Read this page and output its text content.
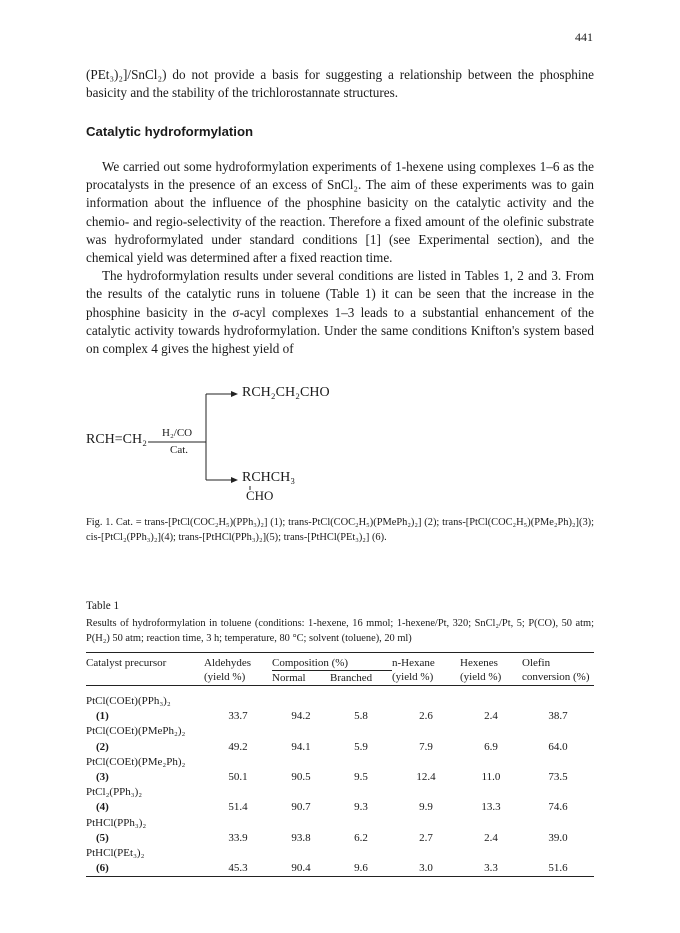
441

(PEt₃)₂]/SnCl₂) do not provide a basis for suggesting a relationship between the phosphine basicity and the stability of the trichlorostannate structures.

Catalytic hydroformylation

We carried out some hydroformylation experiments of 1-hexene using complexes 1–6 as the procatalysts in the presence of an excess of SnCl₂. The aim of these experiments was to gain information about the influence of the phosphine basicity on the catalytic activity and the chemio- and regio-selectivity of the reaction. Therefore a fixed amount of the olefinic substrate was hydroformylated under standard conditions [1] (see Experimental section), and the chemical yield was determined after a fixed reaction time.

The hydroformylation results under several conditions are listed in Tables 1, 2 and 3. From the results of the catalytic runs in toluene (Table 1) it can be seen that the increase in the phosphine basicity in the σ-acyl complexes 1–3 leads to a substantial enhancement of the catalytic activity towards hydroformylation. Under the same conditions Knifton's system based on complex 4 gives the highest yield of

RCH=CH₂ H₂/CO
Cat.
RCH₂CH₂CHO
RCHCH₃
CHO
Fig. 1. Cat. = trans-[PtCl(COC₂H₅)(PPh₃)₂] (1); trans-PtCl(COC₂H₅)(PMePh₂)₂] (2); trans-[PtCl(COC₂H₅)(PMe₂Ph)₂](3); cis-[PtCl₂(PPh₃)₂](4); trans-[PtHCl(PPh₃)₂](5); trans-[PtHCl(PEt₃)₂] (6).
Table 1
Results of hydroformylation in toluene (conditions: 1-hexene, 16 mmol; 1-hexene/Pt, 320; SnCl₂/Pt, 5; P(CO), 50 atm; P(H₂) 50 atm; reaction time, 3 h; temperature, 80 °C; solvent (toluene), 20 ml)
Catalyst precursor	Aldehydes (yield %)	Composition (%)		n-Hexane (yield %)	Hexenes (yield %)	Olefin conversion (%)
		Normal	Branched			

PtCl(COEt)(PPh₃)₂						
(1)	33.7	94.2	5.8	2.6	2.4	38.7
PtCl(COEt)(PMePh₂)₂						
(2)	49.2	94.1	5.9	7.9	6.9	64.0
PtCl(COEt)(PMe₂Ph)₂						
(3)	50.1	90.5	9.5	12.4	11.0	73.5
PtCl₂(PPh₃)₂						
(4)	51.4	90.7	9.3	9.9	13.3	74.6
PtHCl(PPh₃)₂						
(5)	33.9	93.8	6.2	2.7	2.4	39.0
PtHCl(PEt₃)₂						
(6)	45.3	90.4	9.6	3.0	3.3	51.6
